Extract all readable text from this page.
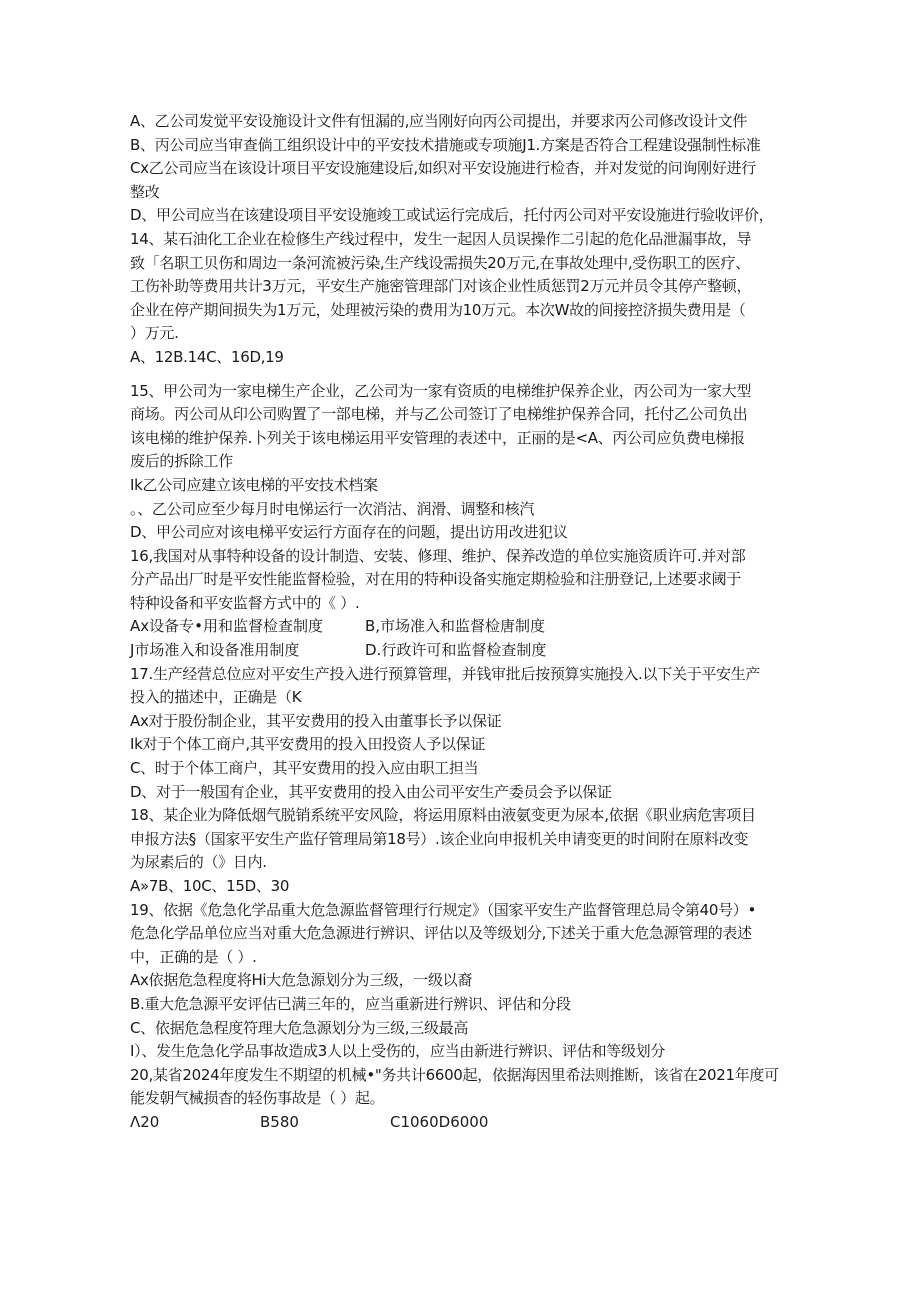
A、乙公司发觉平安设施设计文件有忸漏的,应当刚好向丙公司提出，并要求丙公司修改设计文件
B、丙公司应当审查倘工组织设计中的平安技术措施或专项施J1.方案是否符合工程建设强制性标准
Cx乙公司应当在该设计项目平安设施建设后,如织对平安设施进行检杳，并对发觉的问询刚好进行
整改
D、甲公司应当在该建设项目平安设施竣工或试运行完成后，托付丙公司对平安设施进行验收评价，
14、某石油化工企业在检修生产线过程中，发生一起因人员误操作二引起的危化品泄漏事故，导
致「名职工贝伤和周边一条河流被污染,生产线设需损失20万元,在事故处理中,受伤职工的医疗、
工伤补助等费用共计3万元，平安生产施密管理部门对该企业性质惩罚2万元并员令其停产整顿，
企业在停产期间损失为1万元，处理被污染的费用为10万元。本次W故的间接控济损失费用是（
）万元.
A、12B.14C、16D,19
15、甲公司为一家电梯生产企业，乙公司为一家有资质的电梯维护保养企业，丙公司为一家大型
商场。丙公司从印公司购置了一部电梯，并与乙公司签订了电梯维护保养合同，托付乙公司负出
该电梯的维护保养.卜列关于该电梯运用平安管理的表述中，正丽的是<A、丙公司应负费电梯报
废后的拆除工作
Ik乙公司应建立该电梯的平安技术档案
。、乙公司应至少每月时电悌运行一次消沽、润滑、调整和核汽
D、甲公司应对该电梯平安运行方面存在的问题，提出访用改进犯议
16,我国对从事特种设备的设计制造、安装、修理、维护、保养改造的单位实施资质许可.并对部
分产品出厂时是平安性能监督检验，对在用的特种i设备实施定期检验和注册登记,上述要求阈于
特种设备和平安监督方式中的《 ）.
Ax设备专•用和监督检查制度	B,市场准入和监督检唐制度
J市场准入和设备准用制度	D.行政许可和监督检查制度
17.生产经营总位应对平安生产投入进行预算管理，并钱审批后按预算实施投入.以下关于平安生产
投入的描述中，正确是（K
Ax对于股份制企业，其平安费用的投入由董事长予以保证
Ik对于个体工商户,其平安费用的投入田投资人予以保证
C、时于个体工商户，其平安费用的投入应由职工担当
D、对于一般国有企业，其平安费用的投入由公司平安生产委员会予以保证
18、某企业为降低烟气脱销系统平安风险，将运用原料由液氨变更为尿本,依据《职业病危害项目
申报方法§（国家平安生产监仔管理局第18号）.该企业向申报机关申请变更的时间附在原料改变
为尿素后的（》日内.
A»7B、10C、15D、30
19、依据《危急化学品重大危急源监督管理行行规定》（国家平安生产监督管理总局令第40号）•
危急化学品单位应当对重大危急源进行辨识、评估以及等级划分,下述关于重大危急源管理的表述
中，正确的是（ ）.
Ax依据危急程度将Hi大危急源划分为三级，一级以裔
B.重大危急源平安评估已满三年的，应当重新进行辨识、评估和分段
C、依据危急程度符理大危急源划分为三级,三级最高
I）、发生危急化学品事故造成3人以上受伤的，应当由新进行辨识、评估和等级划分
20,某省2024年度发生不期望的机械•"务共计6600起，依据海因里希法则推断，该省在2021年度可
能发朝气械损杳的轻伤事故是（ ）起。
Λ20	B580	C1060D6000
